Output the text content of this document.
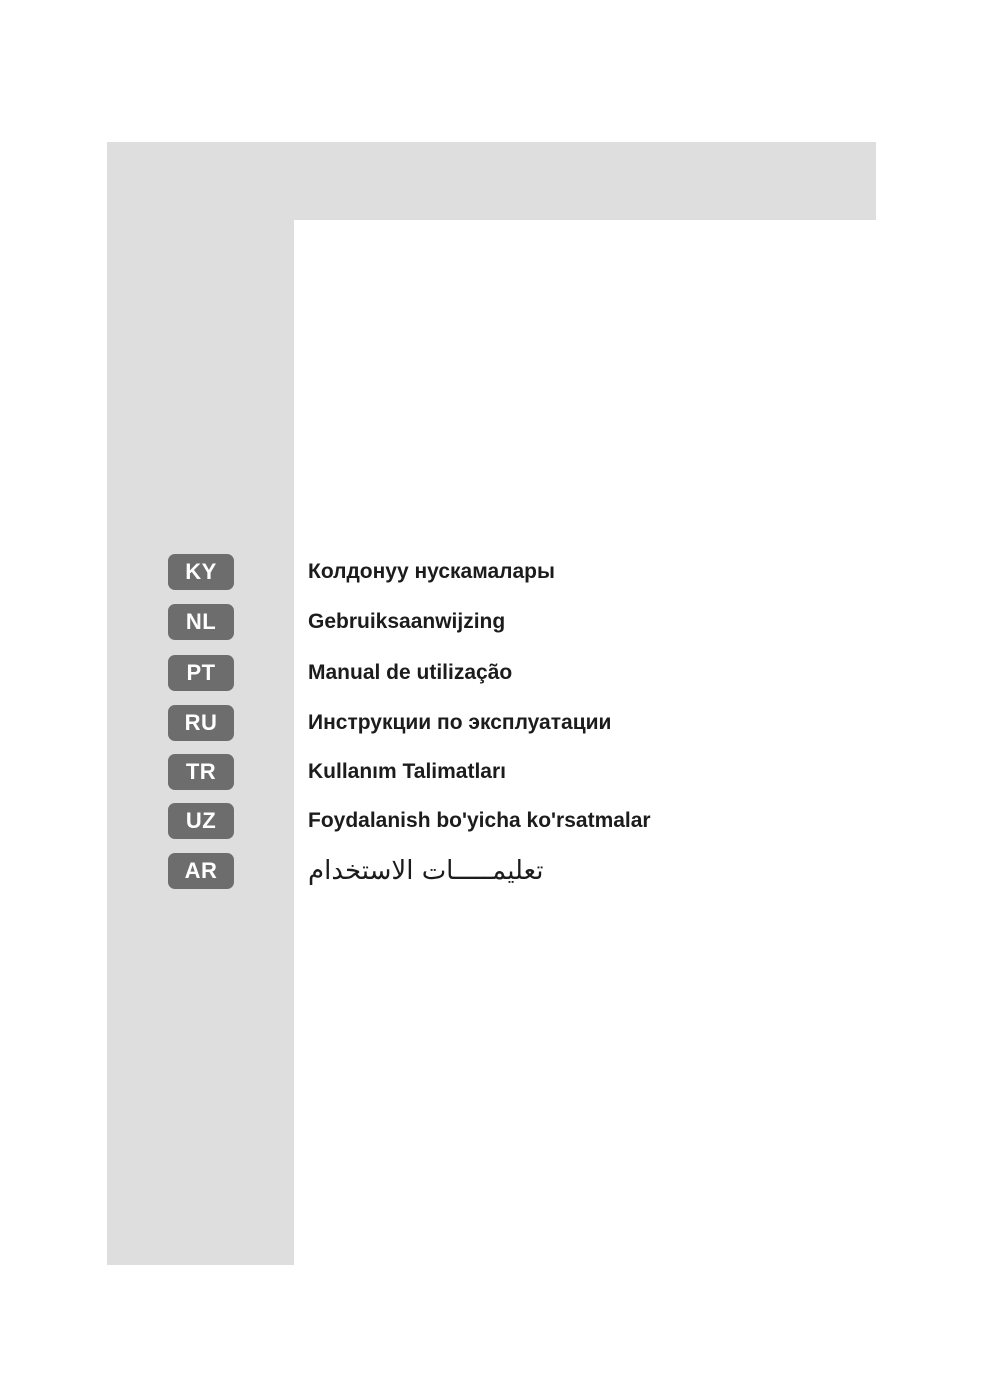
KY	Колдонуу нускамалары
NL	Gebruiksaanwijzing
PT	Manual de utilização
RU	Инструкции по эксплуатации
TR	Kullanım Talimatları
UZ	Foydalanish bo'yicha ko'rsatmalar
AR	تعليمـــــات الاستخدام
